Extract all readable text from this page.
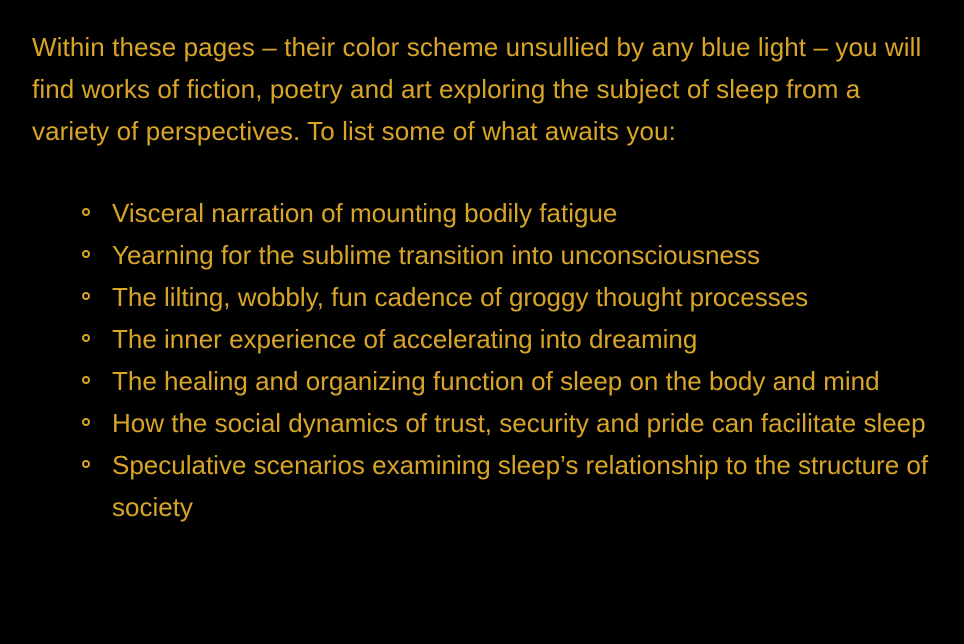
Within these pages – their color scheme unsullied by any blue light – you will find works of fiction, poetry and art exploring the subject of sleep from a variety of perspectives. To list some of what awaits you:

Visceral narration of mounting bodily fatigue
Yearning for the sublime transition into unconsciousness
The lilting, wobbly, fun cadence of groggy thought processes
The inner experience of accelerating into dreaming
The healing and organizing function of sleep on the body and mind
How the social dynamics of trust, security and pride can facilitate sleep
Speculative scenarios examining sleep’s relationship to the structure of society
